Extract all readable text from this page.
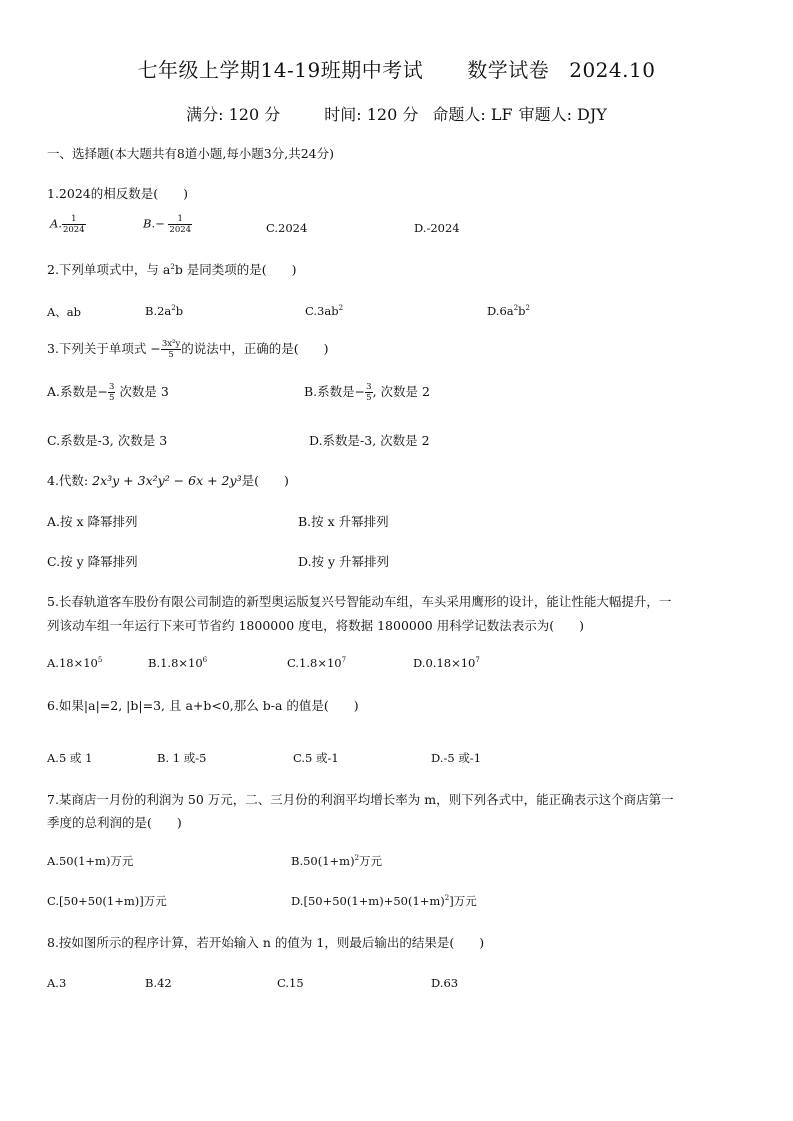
七年级上学期14-19班期中考试 数学试卷 2024.10
满分: 120 分	时间: 120 分 命题人: LF 审题人: DJY
一、选择题(本大题共有8道小题,每小题3分,共24分)
1.2024的相反数是(　　)
A. $\frac{1}{2024}$	$B.- \frac{1}{2024}$	C.2024	D.-2024
2.下列单项式中，与 $a^2b$ 是同类项的是(　　)
A、ab	$B.2a^2b$	$C.3ab^2$	$D.6a^2b^2$
3.下列关于单项式 − $\frac{\text{3x²y}}{5}$ 的说法中，正确的是(　　)
A.系数是− $\frac{3}{5}$ 次数是 3	B.系数是− $\frac{3}{5}$ , 次数是 2
C.系数是-3, 次数是 3	D.系数是-3, 次数是 2
4.代数: 2x³y + 3x²y² − 6x + 2y³是(　　)
A.按 x 降幂排列	B.按 x 升幂排列
C.按 y 降幂排列	D.按 y 升幂排列
5.长春轨道客车股份有限公司制造的新型奥运版复兴号智能动车组，车头采用鹰形的设计，能让性能大幅提升，一
列该动车组一年运行下来可节省约 1800000 度电，将数据 1800000 用科学记数法表示为(　　)
$A.18\times 10^5$	$B.1.8\times 10^6$	$C.1.8\times 10^7$	$D.0.18\times 10^7$
6.如果|a|=2, |b|=3, 且 a+b<0,那么 b-a 的值是(　　)
A.5 或 1	B. 1 或-5	C.5 或-1	D.-5 或-1
7.某商店一月份的利润为 50 万元，二、三月份的利润平均增长率为 m，则下列各式中，能正确表示这个商店第一
季度的总利润的是(　　)
A.50(1+m)万元	$B.50(1+m)^2$万元
C.[50+50(1+m)]万元	$D.[50+50(1+m)+50(1+m)^2]$万元
8.按如图所示的程序计算，若开始输入 n 的值为 1，则最后输出的结果是(　　)
A.3	B.42	C.15	D.63
